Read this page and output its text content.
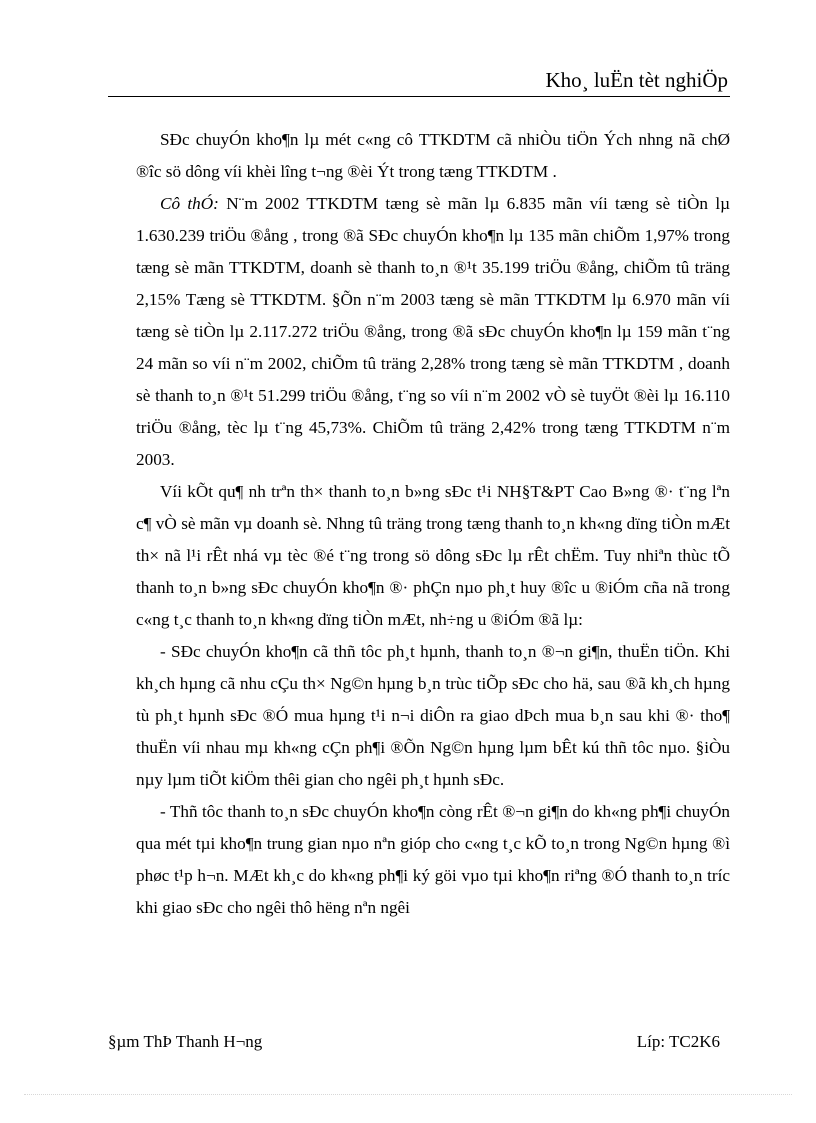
Kho¸ luËn tèt nghiÖp

SÐc chuyÓn kho¶n lµ mét c«ng cô TTKDTM cã nhiÒu tiÖn Ých nhng nã chØ ®îc sö dông víi khèi lîng t¬ng ®èi Ýt trong tæng TTKDTM .

Cô thÓ: N¨m 2002 TTKDTM tæng sè mãn lµ 6.835 mãn víi tæng sè tiÒn lµ 1.630.239 triÖu ®ång , trong ®ã SÐc chuyÓn kho¶n lµ 135 mãn chiÕm 1,97% trong tæng sè mãn TTKDTM, doanh sè thanh to¸n ®¹t 35.199 triÖu ®ång, chiÕm tû träng 2,15% Tæng sè TTKDTM. §Õn n¨m 2003 tæng sè mãn TTKDTM lµ 6.970 mãn víi tæng sè tiÒn lµ 2.117.272 triÖu ®ång, trong ®ã sÐc chuyÓn kho¶n lµ 159 mãn t¨ng 24 mãn so víi n¨m 2002, chiÕm tû träng 2,28% trong tæng sè mãn TTKDTM , doanh sè thanh to¸n ®¹t 51.299 triÖu ®ång, t¨ng so víi n¨m 2002 vÒ sè tuyÖt ®èi lµ 16.110 triÖu ®ång, tèc lµ t¨ng 45,73%. ChiÕm tû träng 2,42% trong tæng TTKDTM n¨m 2003.

Víi kÕt qu¶ nh trªn th× thanh to¸n b»ng sÐc t¹i NH§T&PT Cao B»ng ®· t¨ng lªn c¶ vÒ sè mãn vµ doanh sè. Nhng tû träng trong tæng thanh to¸n kh«ng dïng tiÒn mÆt th× nã l¹i rÊt nhá vµ tèc ®é t¨ng trong sö dông sÐc lµ rÊt chËm. Tuy nhiªn thùc tÕ thanh to¸n b»ng sÐc chuyÓn kho¶n ®· phÇn nµo ph¸t huy ®îc u ®iÓm cña nã trong c«ng t¸c thanh to¸n kh«ng dïng tiÒn mÆt, nh÷ng u ®iÓm ®ã lµ:

- SÐc chuyÓn kho¶n cã thñ tôc ph¸t hµnh, thanh to¸n ®¬n gi¶n, thuËn tiÖn. Khi kh¸ch hµng cã nhu cÇu th× Ng©n hµng b¸n trùc tiÕp sÐc cho hä, sau ®ã kh¸ch hµng tù ph¸t hµnh sÐc ®Ó mua hµng t¹i n¬i diÔn ra giao dÞch mua b¸n sau khi ®· tho¶ thuËn víi nhau mµ kh«ng cÇn ph¶i ®Õn Ng©n hµng lµm bÊt kú thñ tôc nµo. §iÒu nµy lµm tiÕt kiÖm thêi gian cho ngêi ph¸t hµnh sÐc.

- Thñ tôc thanh to¸n sÐc chuyÓn kho¶n còng rÊt ®¬n gi¶n do kh«ng ph¶i chuyÓn qua mét tµi kho¶n trung gian nµo nªn gióp cho c«ng t¸c kÕ to¸n trong Ng©n hµng ®ì phøc t¹p h¬n. MÆt kh¸c do kh«ng ph¶i ký göi vµo tµi kho¶n riªng ®Ó thanh to¸n tríc khi giao sÐc cho ngêi thô hëng nªn ngêi

§µm ThÞ Thanh H¬ng	Líp: TC2K6
